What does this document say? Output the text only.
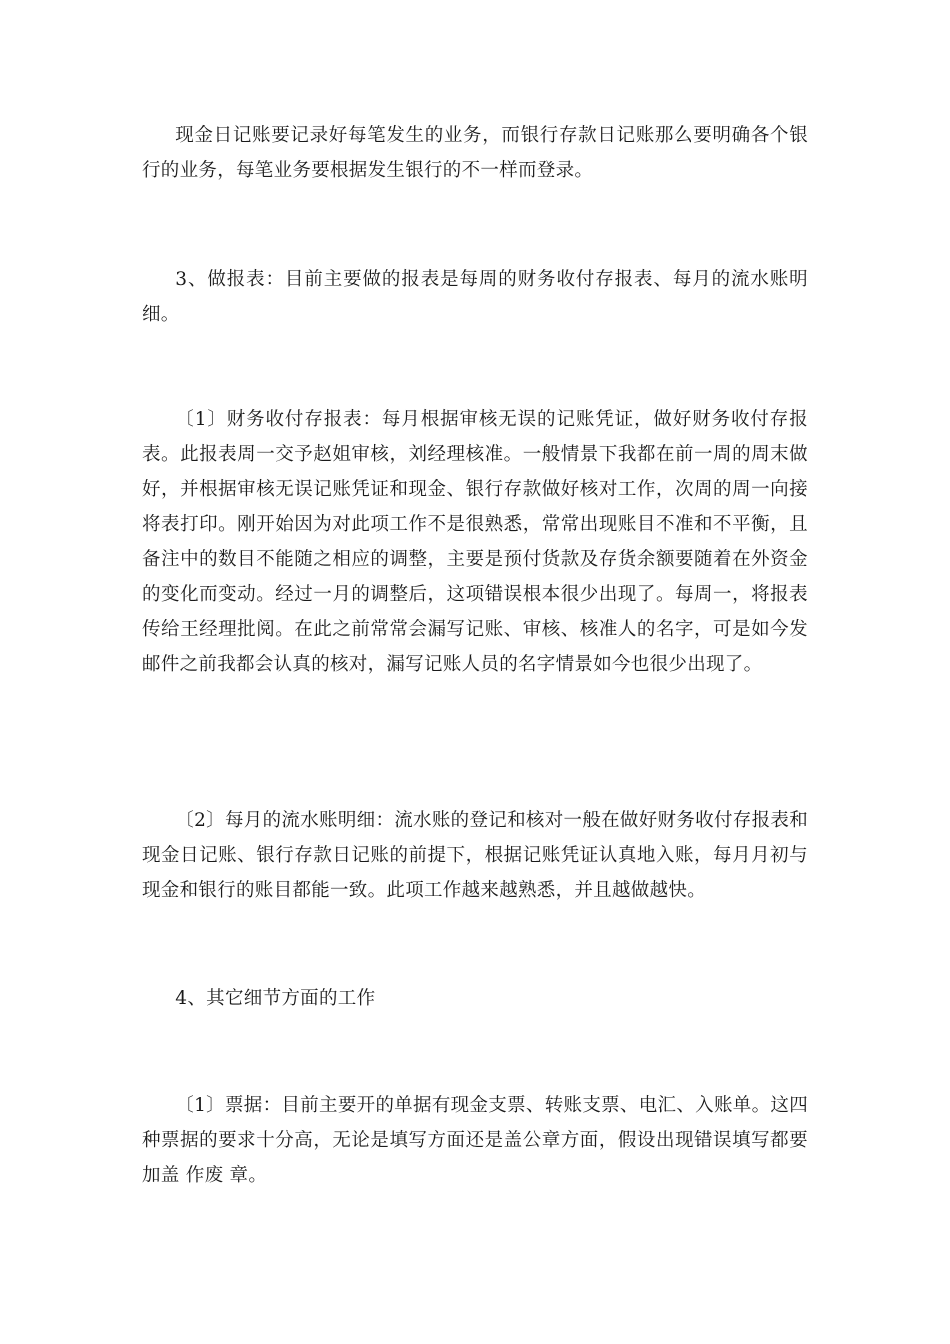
现金日记账要记录好每笔发生的业务，而银行存款日记账那么要明确各个银行的业务，每笔业务要根据发生银行的不一样而登录。

3、做报表：目前主要做的报表是每周的财务收付存报表、每月的流水账明细。

〔1〕财务收付存报表：每月根据审核无误的记账凭证，做好财务收付存报表。此报表周一交予赵姐审核，刘经理核准。一般情景下我都在前一周的周末做好，并根据审核无误记账凭证和现金、银行存款做好核对工作，次周的周一向接将表打印。刚开始因为对此项工作不是很熟悉，常常出现账目不准和不平衡，且备注中的数目不能随之相应的调整，主要是预付货款及存货余额要随着在外资金的变化而变动。经过一月的调整后，这项错误根本很少出现了。每周一，将报表传给王经理批阅。在此之前常常会漏写记账、审核、核准人的名字，可是如今发邮件之前我都会认真的核对，漏写记账人员的名字情景如今也很少出现了。

〔2〕每月的流水账明细：流水账的登记和核对一般在做好财务收付存报表和现金日记账、银行存款日记账的前提下，根据记账凭证认真地入账，每月月初与现金和银行的账目都能一致。此项工作越来越熟悉，并且越做越快。

4、其它细节方面的工作

〔1〕票据：目前主要开的单据有现金支票、转账支票、电汇、入账单。这四种票据的要求十分高，无论是填写方面还是盖公章方面，假设出现错误填写都要加盖 作废 章。
